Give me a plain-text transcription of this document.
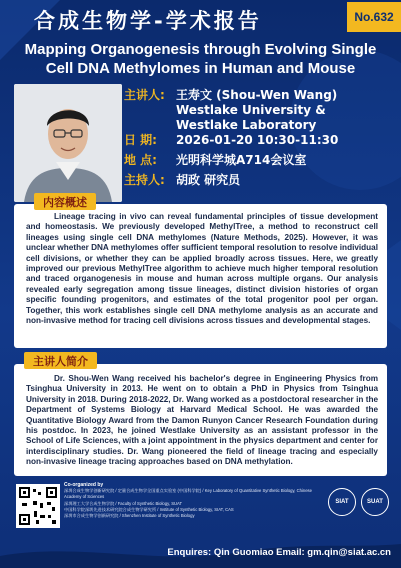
合成生物学-学术报告	No.632
Mapping Organogenesis through Evolving Single Cell DNA Methylomes in Human and Mouse
主讲人: 王寿文 (Shou-Wen Wang) Westlake University & Westlake Laboratory
日 期:	2026-01-20 10:30-11:30
地 点:	光明科学城A714会议室
主持人: 胡政 研究员
Lineage tracing in vivo can reveal fundamental principles of tissue development and homeostasis. We previously developed MethylTree, a method to reconstruct cell lineages using single cell DNA methylomes (Nature Methods, 2025). However, it was unclear whether DNA methylomes offer sufficient temporal resolution to resolve individual cell divisions, or whether they can be applied broadly across tissues. Here, we greatly improved our previous MethylTree algorithm to achieve much higher temporal resolution and traced organogenesis in mouse and human across multiple organs. Our analysis revealed early segregation among tissue lineages, distinct division histories of organ specific founding progenitors, and estimates of the total progenitor pool per organ. Together, this work establishes single cell DNA methylome analysis as an accurate and non-invasive method for tracing cell divisions across tissues and developmental stages.
内容概述
Dr. Shou-Wen Wang received his bachelor's degree in Engineering Physics from Tsinghua University in 2013. He went on to obtain a PhD in Physics from Tsinghua University in 2018. During 2018-2022, Dr. Wang worked as a postdoctoral researcher in the Department of Systems Biology at Harvard Medical School. He was awarded the Quantitative Biology Award from the Damon Runyon Cancer Research Foundation during his postdoc. In 2023, he joined Westlake University as an assistant professor in the School of Life Sciences, with a joint appointment in the physics department and center for interdisciplinary studies. Dr. Wang pioneered the field of lineage tracing and especially non-invasive lineage tracing approaches based on DNA methylation.
主讲人简介
Co-organized by
深圳合成生物学创新研究院 / 定量合成生物学全国重点实验室 (中国科学院) / Key Laboratory of Quantitative Synthetic Biology, Chinese Academy of Sciences
深圳理工大学合成生物学院 / Faculty of Synthetic Biology, SUAT
中国科学院深圳先进技术研究院合成生物学研究所 / Institute of Synthetic Biology, SIAT, CAS
深圳市合成生物学创新研究院 / Shenzhen Institute of Synthetic Biology
SIAT	SUAT
Enquires: Qin Guomiao Email: gm.qin@siat.ac.cn
